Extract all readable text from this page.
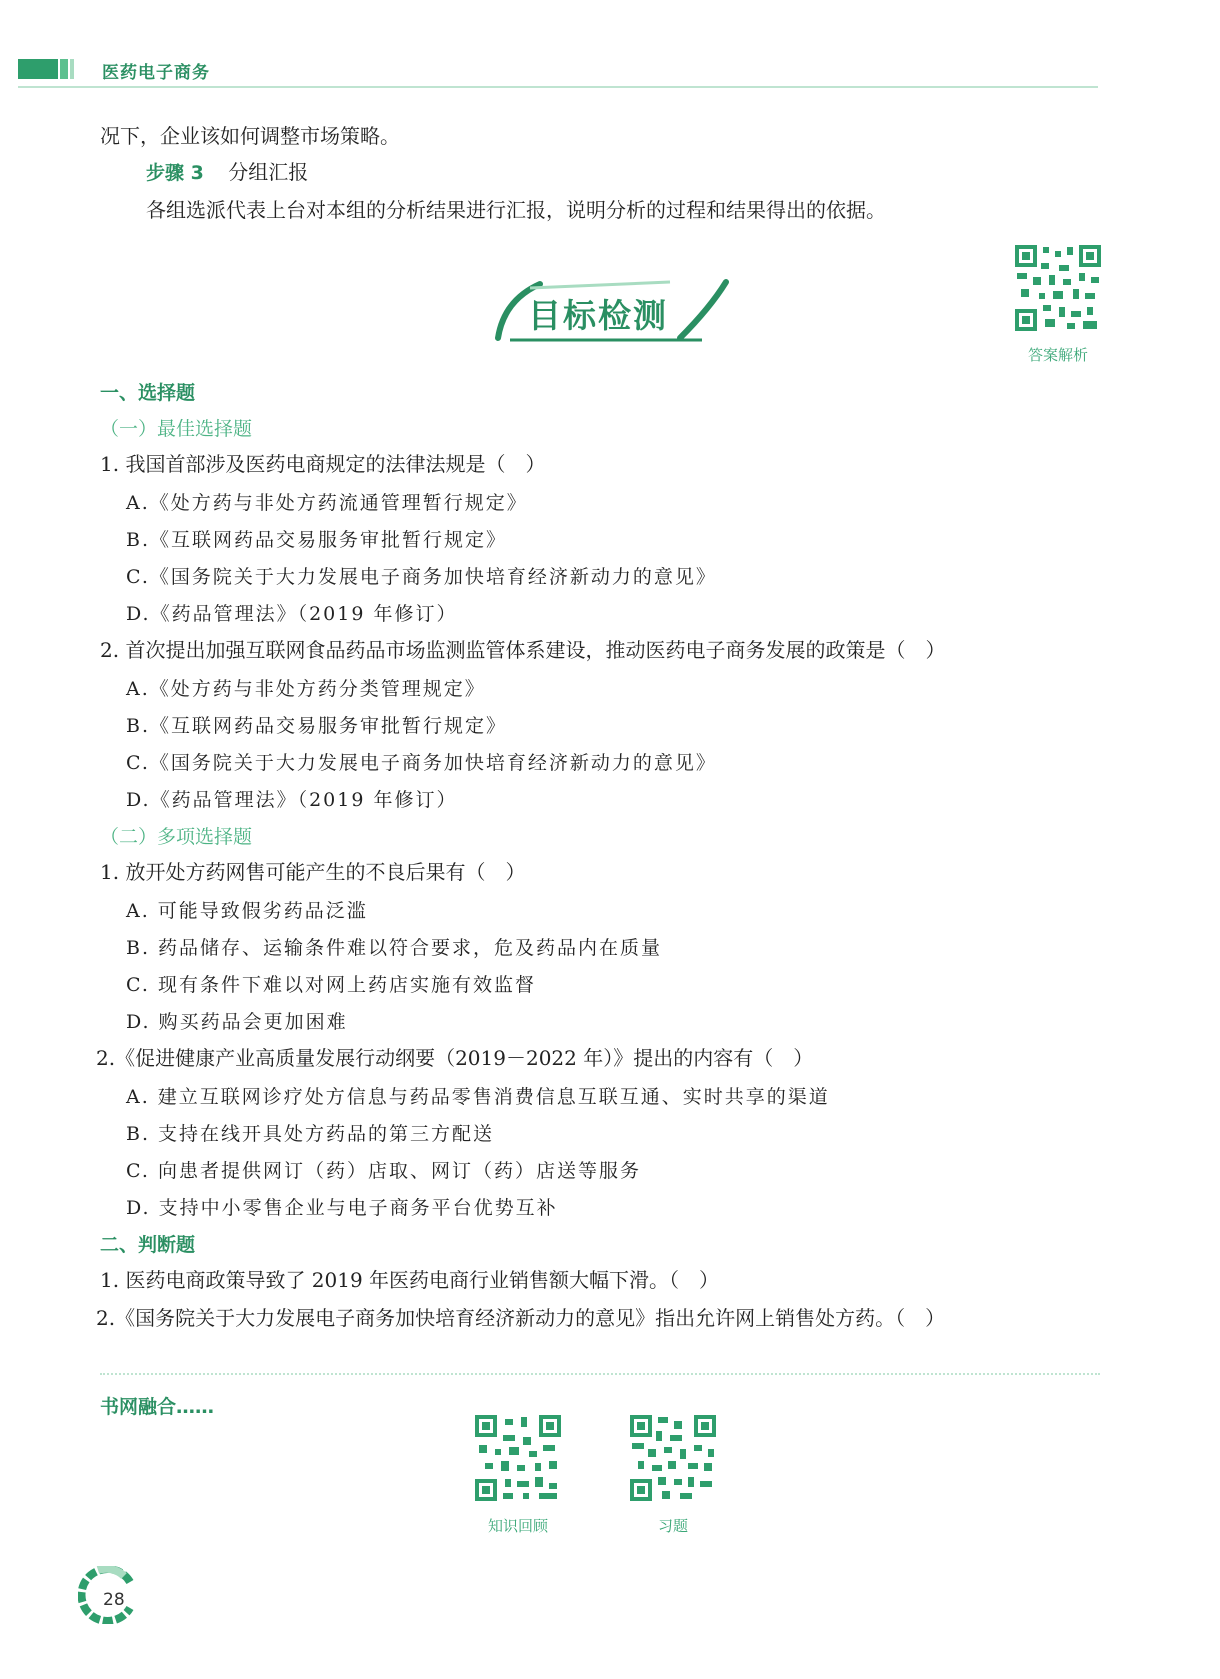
医药电子商务
况下，企业该如何调整市场策略。
步骤 3 分组汇报
各组选派代表上台对本组的分析结果进行汇报，说明分析的过程和结果得出的依据。
目标检测
答案解析
一、选择题
（一）最佳选择题
1. 我国首部涉及医药电商规定的法律法规是（　）
A.《处方药与非处方药流通管理暂行规定》
B.《互联网药品交易服务审批暂行规定》
C.《国务院关于大力发展电子商务加快培育经济新动力的意见》
D.《药品管理法》（2019 年修订）
2. 首次提出加强互联网食品药品市场监测监管体系建设，推动医药电子商务发展的政策是（　）
A.《处方药与非处方药分类管理规定》
B.《互联网药品交易服务审批暂行规定》
C.《国务院关于大力发展电子商务加快培育经济新动力的意见》
D.《药品管理法》（2019 年修订）
（二）多项选择题
1. 放开处方药网售可能产生的不良后果有（　）
A. 可能导致假劣药品泛滥
B. 药品储存、运输条件难以符合要求，危及药品内在质量
C. 现有条件下难以对网上药店实施有效监督
D. 购买药品会更加困难
2.《促进健康产业高质量发展行动纲要（2019－2022 年）》提出的内容有（　）
A. 建立互联网诊疗处方信息与药品零售消费信息互联互通、实时共享的渠道
B. 支持在线开具处方药品的第三方配送
C. 向患者提供网订（药）店取、网订（药）店送等服务
D. 支持中小零售企业与电子商务平台优势互补
二、判断题
1. 医药电商政策导致了 2019 年医药电商行业销售额大幅下滑。（　）
2.《国务院关于大力发展电子商务加快培育经济新动力的意见》指出允许网上销售处方药。（　）
书网融合……
知识回顾	习题
28
